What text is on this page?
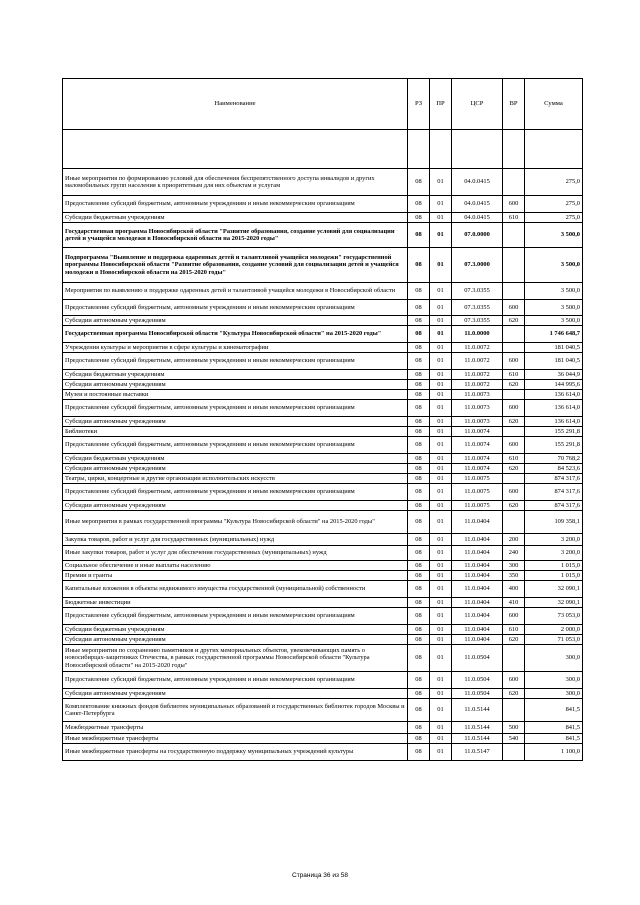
Наименование	РЗ	ПР	ЦСР	ВР	Сумма

Иные мероприятия по формированию условий для обеспечения беспрепятственного доступа инвалидов и других маломобильных групп населения к приоритетным для них объектам и услугам	08	01	04.0.0415		275,0
Предоставление субсидий бюджетным, автономным учреждениям и иным некоммерческим организациям	08	01	04.0.0415	600	275,0
Субсидии бюджетным учреждениям	08	01	04.0.0415	610	275,0
Государственная программа Новосибирской области "Развитие образования, создание условий для социализации детей и учащейся молодежи в Новосибирской области на 2015-2020 годы"	08	01	07.0.0000		3 500,0
Подпрограмма "Выявление и поддержка одаренных детей и талантливой учащейся молодежи" государственной программы Новосибирской области "Развитие образования, создание условий для социализации детей и учащейся молодежи в Новосибирской области на 2015-2020 годы"	08	01	07.3.0000		3 500,0
Мероприятия по выявлению и поддержке одаренных детей и талантливой учащейся молодежи в Новосибирской области	08	01	07.3.0355		3 500,0
Предоставление субсидий бюджетным, автономным учреждениям и иным некоммерческим организациям	08	01	07.3.0355	600	3 500,0
Субсидии автономным учреждениям	08	01	07.3.0355	620	3 500,0
Государственная программа Новосибирской области "Культура Новосибирской области" на 2015-2020 годы"	08	01	11.0.0000		1 746 648,7
Учреждения культуры и мероприятия в сфере культуры и кинематографии	08	01	11.0.0072		181 040,5
Предоставление субсидий бюджетным, автономным учреждениям и иным некоммерческим организациям	08	01	11.0.0072	600	181 040,5
Субсидии бюджетным учреждениям	08	01	11.0.0072	610	36 044,9
Субсидии автономным учреждениям	08	01	11.0.0072	620	144 995,6
Музеи и постоянные выставки	08	01	11.0.0073		136 614,0
Предоставление субсидий бюджетным, автономным учреждениям и иным некоммерческим организациям	08	01	11.0.0073	600	136 614,0
Субсидии автономным учреждениям	08	01	11.0.0073	620	136 614,0
Библиотеки	08	01	11.0.0074		155 291,8
Предоставление субсидий бюджетным, автономным учреждениям и иным некоммерческим организациям	08	01	11.0.0074	600	155 291,8
Субсидии бюджетным учреждениям	08	01	11.0.0074	610	70 768,2
Субсидии автономным учреждениям	08	01	11.0.0074	620	84 523,6
Театры, цирки, концертные и другие организации исполнительских искусств	08	01	11.0.0075		874 317,6
Предоставление субсидий бюджетным, автономным учреждениям и иным некоммерческим организациям	08	01	11.0.0075	600	874 317,6
Субсидии автономным учреждениям	08	01	11.0.0075	620	874 317,6
Иные мероприятия в рамках государственной программы "Культура Новосибирской области" на 2015-2020 годы"	08	01	11.0.0404		109 358,1
Закупка товаров, работ и услуг для государственных (муниципальных) нужд	08	01	11.0.0404	200	3 200,0
Иные закупки товаров, работ и услуг для обеспечения государственных (муниципальных) нужд	08	01	11.0.0404	240	3 200,0
Социальное обеспечение и иные выплаты населению	08	01	11.0.0404	300	1 015,0
Премии и гранты	08	01	11.0.0404	350	1 015,0
Капитальные вложения в объекты недвижимого имущества государственной (муниципальной) собственности	08	01	11.0.0404	400	32 090,1
Бюджетные инвестиции	08	01	11.0.0404	410	32 090,1
Предоставление субсидий бюджетным, автономным учреждениям и иным некоммерческим организациям	08	01	11.0.0404	600	73 053,0
Субсидии бюджетным учреждениям	08	01	11.0.0404	610	2 000,0
Субсидии автономным учреждениям	08	01	11.0.0404	620	71 053,0
Иные мероприятия по сохранению памятников и других мемориальных объектов, увековечивающих память о новосибирцах-защитниках Отечества, в рамках государственной программы Новосибирской области "Культура Новосибирской области" на 2015-2020 годы"	08	01	11.0.0504		300,0
Предоставление субсидий бюджетным, автономным учреждениям и иным некоммерческим организациям	08	01	11.0.0504	600	300,0
Субсидии автономным учреждениям	08	01	11.0.0504	620	300,0
Комплектование книжных фондов библиотек муниципальных образований и государственных библиотек городов Москвы и Санкт-Петербурга	08	01	11.0.5144		841,5
Межбюджетные трансферты	08	01	11.0.5144	500	841,5
Иные межбюджетные трансферты	08	01	11.0.5144	540	841,5
Иные межбюджетные трансферты на государственную поддержку муниципальных учреждений культуры	08	01	11.0.5147		1 100,0
Страница 36 из 58
